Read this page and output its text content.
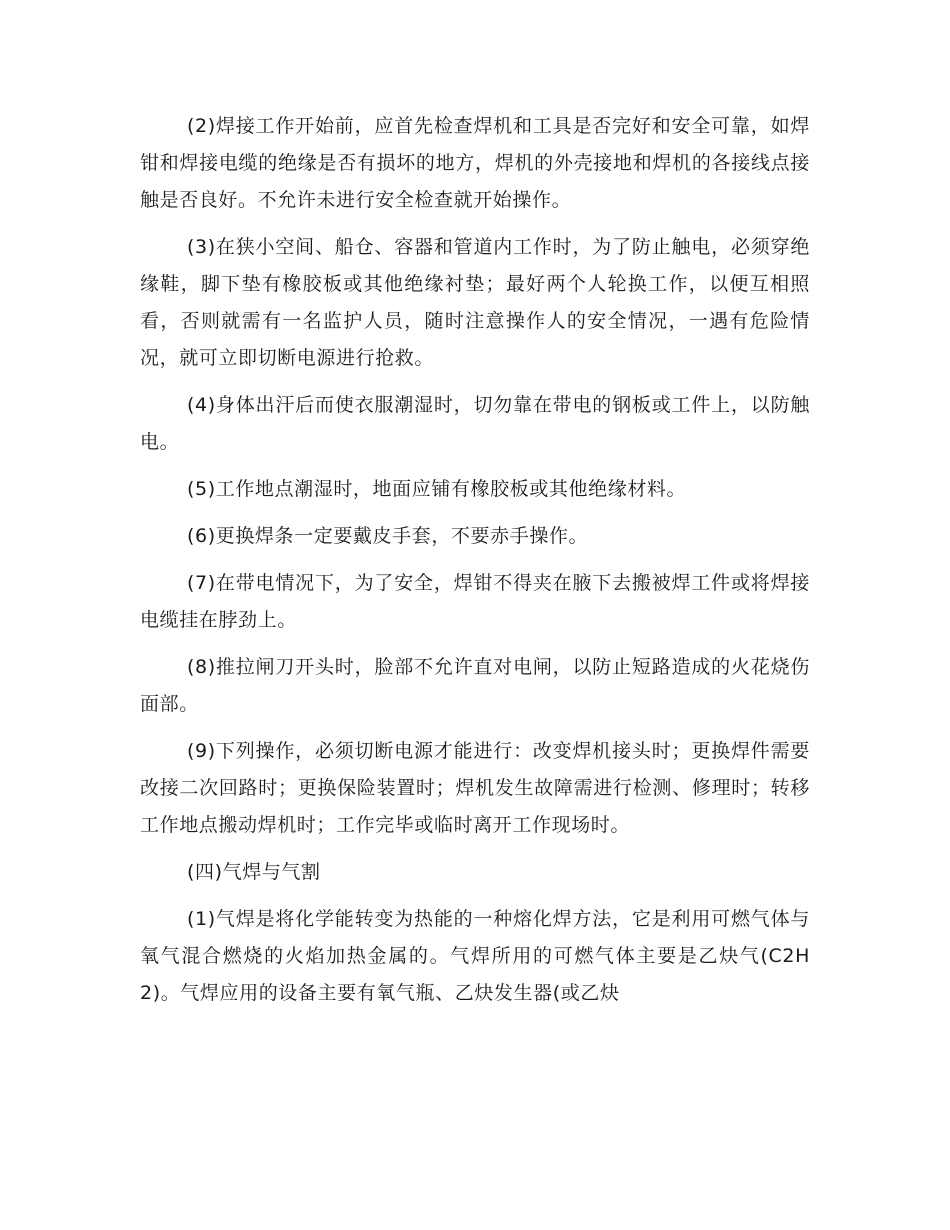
(2)焊接工作开始前，应首先检查焊机和工具是否完好和安全可靠，如焊钳和焊接电缆的绝缘是否有损坏的地方，焊机的外壳接地和焊机的各接线点接触是否良好。不允许未进行安全检查就开始操作。

(3)在狭小空间、船仓、容器和管道内工作时，为了防止触电，必须穿绝缘鞋，脚下垫有橡胶板或其他绝缘衬垫；最好两个人轮换工作，以便互相照看，否则就需有一名监护人员，随时注意操作人的安全情况，一遇有危险情况，就可立即切断电源进行抢救。

(4)身体出汗后而使衣服潮湿时，切勿靠在带电的钢板或工件上，以防触电。

(5)工作地点潮湿时，地面应铺有橡胶板或其他绝缘材料。

(6)更换焊条一定要戴皮手套，不要赤手操作。

(7)在带电情况下，为了安全，焊钳不得夹在腋下去搬被焊工件或将焊接电缆挂在脖劲上。

(8)推拉闸刀开头时，脸部不允许直对电闸，以防止短路造成的火花烧伤面部。

(9)下列操作，必须切断电源才能进行：改变焊机接头时；更换焊件需要改接二次回路时；更换保险装置时；焊机发生故障需进行检测、修理时；转移工作地点搬动焊机时；工作完毕或临时离开工作现场时。

(四)气焊与气割

(1)气焊是将化学能转变为热能的一种熔化焊方法，它是利用可燃气体与氧气混合燃烧的火焰加热金属的。气焊所用的可燃气体主要是乙炔气(C2H2)。气焊应用的设备主要有氧气瓶、乙炔发生器(或乙炔
